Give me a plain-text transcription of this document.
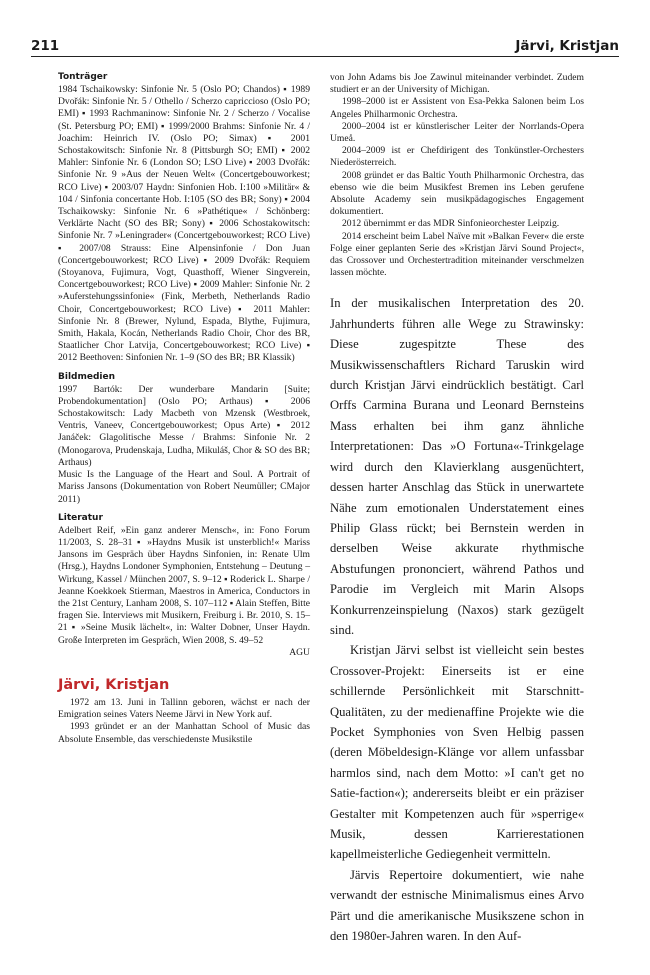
211	Järvi, Kristjan

Tonträger

1984 Tschaikowsky: Sinfonie Nr. 5 (Oslo PO; Chandos) ▪ 1989 Dvořák: Sinfonie Nr. 5 / Othello / Scherzo capriccioso (Oslo PO; EMI) ▪ 1993 Rachmaninow: Sinfonie Nr. 2 / Scherzo / Vocalise (St. Petersburg PO; EMI) ▪ 1999/2000 Brahms: Sinfonie Nr. 4 / Joachim: Heinrich IV. (Oslo PO; Simax) ▪ 2001 Schostakowitsch: Sinfonie Nr. 8 (Pittsburgh SO; EMI) ▪ 2002 Mahler: Sinfonie Nr. 6 (London SO; LSO Live) ▪ 2003 Dvořák: Sinfonie Nr. 9 »Aus der Neuen Welt« (Concertgebouworkest; RCO Live) ▪ 2003/07 Haydn: Sinfonien Hob. I:100 »Militär« & 104 / Sinfonia concertante Hob. I:105 (SO des BR; Sony) ▪ 2004 Tschaikowsky: Sinfonie Nr. 6 »Pathétique« / Schönberg: Verklärte Nacht (SO des BR; Sony) ▪ 2006 Schostakowitsch: Sinfonie Nr. 7 »Leningrader« (Concertgebouworkest; RCO Live) ▪ 2007/08 Strauss: Eine Alpensinfonie / Don Juan (Concertgebouworkest; RCO Live) ▪ 2009 Dvořák: Requiem (Stoyanova, Fujimura, Vogt, Quasthoff, Wiener Singverein, Concertgebouworkest; RCO Live) ▪ 2009 Mahler: Sinfonie Nr. 2 »Auferstehungssinfonie« (Fink, Merbeth, Netherlands Radio Choir, Concertgebouworkest; RCO Live) ▪ 2011 Mahler: Sinfonie Nr. 8 (Brewer, Nylund, Espada, Blythe, Fujimura, Smith, Hakala, Kocán, Netherlands Radio Choir, Chor des BR, Staatlicher Chor Latvija, Concertgebouworkest; RCO Live) ▪ 2012 Beethoven: Sinfonien Nr. 1–9 (SO des BR; BR Klassik)

Bildmedien

1997 Bartók: Der wunderbare Mandarin [Suite; Probendokumentation] (Oslo PO; Arthaus) ▪ 2006 Schostakowitsch: Lady Macbeth von Mzensk (Westbroek, Ventris, Vaneev, Concertgebouworkest; Opus Arte) ▪ 2012 Janáček: Glagolitische Messe / Brahms: Sinfonie Nr. 2 (Monogarova, Prudenskaja, Ludha, Mikuláš, Chor & SO des BR; Arthaus)

Music Is the Language of the Heart and Soul. A Portrait of Mariss Jansons (Dokumentation von Robert Neumüller; CMajor 2011)

Literatur

Adelbert Reif, »Ein ganz anderer Mensch«, in: Fono Forum 11/2003, S. 28–31 ▪ »Haydns Musik ist unsterblich!« Mariss Jansons im Gespräch über Haydns Sinfonien, in: Renate Ulm (Hrsg.), Haydns Londoner Symphonien, Entstehung – Deutung – Wirkung, Kassel / München 2007, S. 9–12 ▪ Roderick L. Sharpe / Jeanne Koekkoek Stierman, Maestros in America, Conductors in the 21st Century, Lanham 2008, S. 107–112 ▪ Alain Steffen, Bitte fragen Sie. Interviews mit Musikern, Freiburg i. Br. 2010, S. 15–21 ▪ »Seine Musik lächelt«, in: Walter Dobner, Unser Haydn. Große Interpreten im Gespräch, Wien 2008, S. 49–52

AGU

Järvi, Kristjan

1972 am 13. Juni in Tallinn geboren, wächst er nach der Emigration seines Vaters Neeme Järvi in New York auf.

1993 gründet er an der Manhattan School of Music das Absolute Ensemble, das verschiedenste Musikstile

von John Adams bis Joe Zawinul miteinander verbindet. Zudem studiert er an der University of Michigan.

1998–2000 ist er Assistent von Esa-Pekka Salonen beim Los Angeles Philharmonic Orchestra.

2000–2004 ist er künstlerischer Leiter der Norrlands-Opera Umeå.

2004–2009 ist er Chefdirigent des Tonkünstler-Orchesters Niederösterreich.

2008 gründet er das Baltic Youth Philharmonic Orchestra, das ebenso wie die beim Musikfest Bremen ins Leben gerufene Absolute Academy sein musikpädagogisches Engagement dokumentiert.

2012 übernimmt er das MDR Sinfonieorchester Leipzig.

2014 erscheint beim Label Naïve mit »Balkan Fever« die erste Folge einer geplanten Serie des »Kristjan Järvi Sound Project«, das Crossover und Orchestertradition miteinander verschmelzen lassen möchte.

In der musikalischen Interpretation des 20. Jahrhunderts führen alle Wege zu Strawinsky: Diese zugespitzte These des Musikwissenschaftlers Richard Taruskin wird durch Kristjan Järvi eindrücklich bestätigt. Carl Orffs Carmina Burana und Leonard Bernsteins Mass erhalten bei ihm ganz ähnliche Interpretationen: Das »O Fortuna«-Trinkgelage wird durch den Klavierklang ausgenüchtert, dessen harter Anschlag das Stück in unerwartete Nähe zum emotionalen Understatement eines Philip Glass rückt; bei Bernstein werden in derselben Weise akkurate rhythmische Abstufungen prononciert, während Pathos und Parodie im Vergleich mit Marin Alsops Konkurrenzeinspielung (Naxos) stark gezügelt sind.

Kristjan Järvi selbst ist vielleicht sein bestes Crossover-Projekt: Einerseits ist er eine schillernde Persönlichkeit mit Starschnitt-Qualitäten, zu der medienaffine Projekte wie die Pocket Symphonies von Sven Helbig passen (deren Möbeldesign-Klänge vor allem unfassbar harmlos sind, nach dem Motto: »I can't get no Satie-faction«); andererseits bleibt er ein präziser Gestalter mit Kompetenzen auch für »sperrige« Musik, dessen Karrierestationen kapellmeisterliche Gediegenheit vermitteln.

Järvis Repertoire dokumentiert, wie nahe verwandt der estnische Minimalismus eines Arvo Pärt und die amerikanische Musikszene schon in den 1980er-Jahren waren. In den Auf-
